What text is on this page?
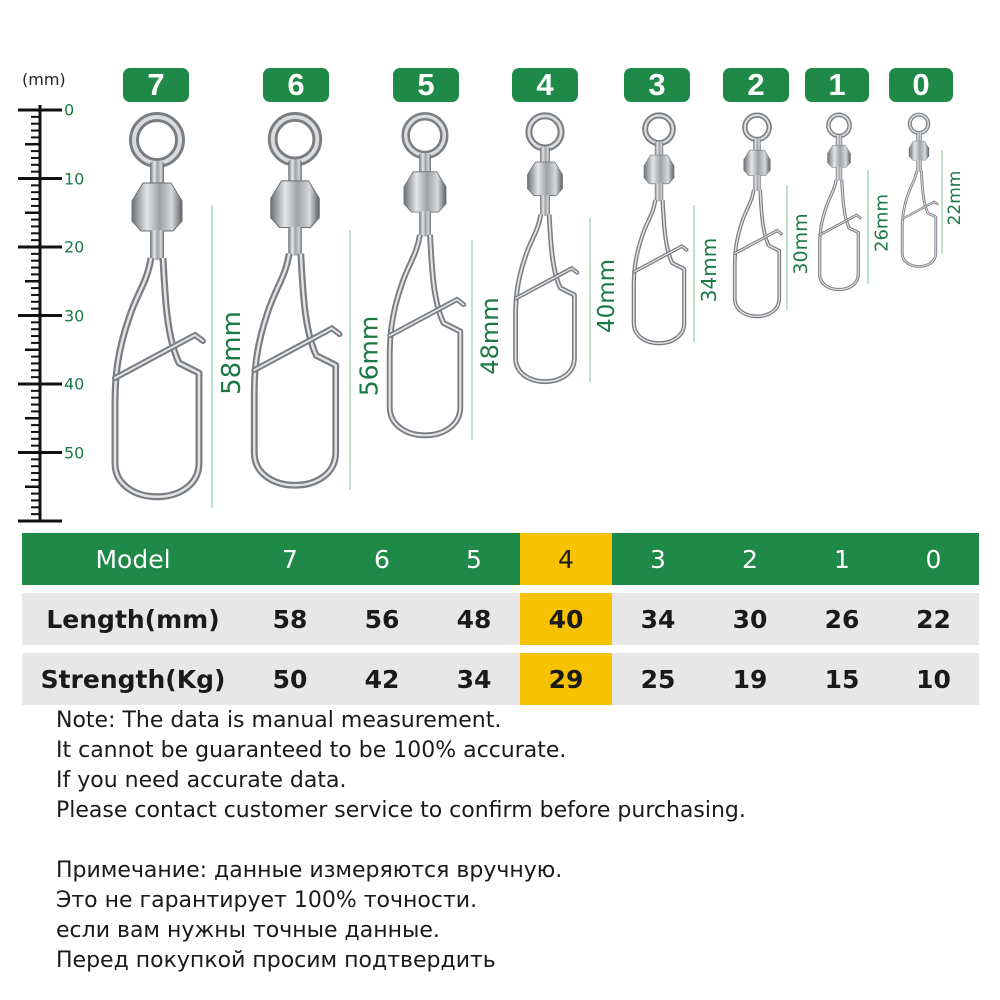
(mm)
0
10
20
30
40
50
7	6	5	4	3	2	1	0
58mm	56mm	48mm
40mm	34mm	30mm	26mm	22mm
Model	7	6	5	4	3	2	1	0

Length(mm)	58	56	48	40	34	30	26	22

Strength(Kg)	50	42	34	29	25	19	15	10
Note: The data is manual measurement.
It cannot be guaranteed to be 100% accurate.
If you need accurate data.
Please contact customer service to confirm before purchasing.
Примечание: данные измеряются вручную.
Это не гарантирует 100% точности.
если вам нужны точные данные.
Перед покупкой просим подтвердить
